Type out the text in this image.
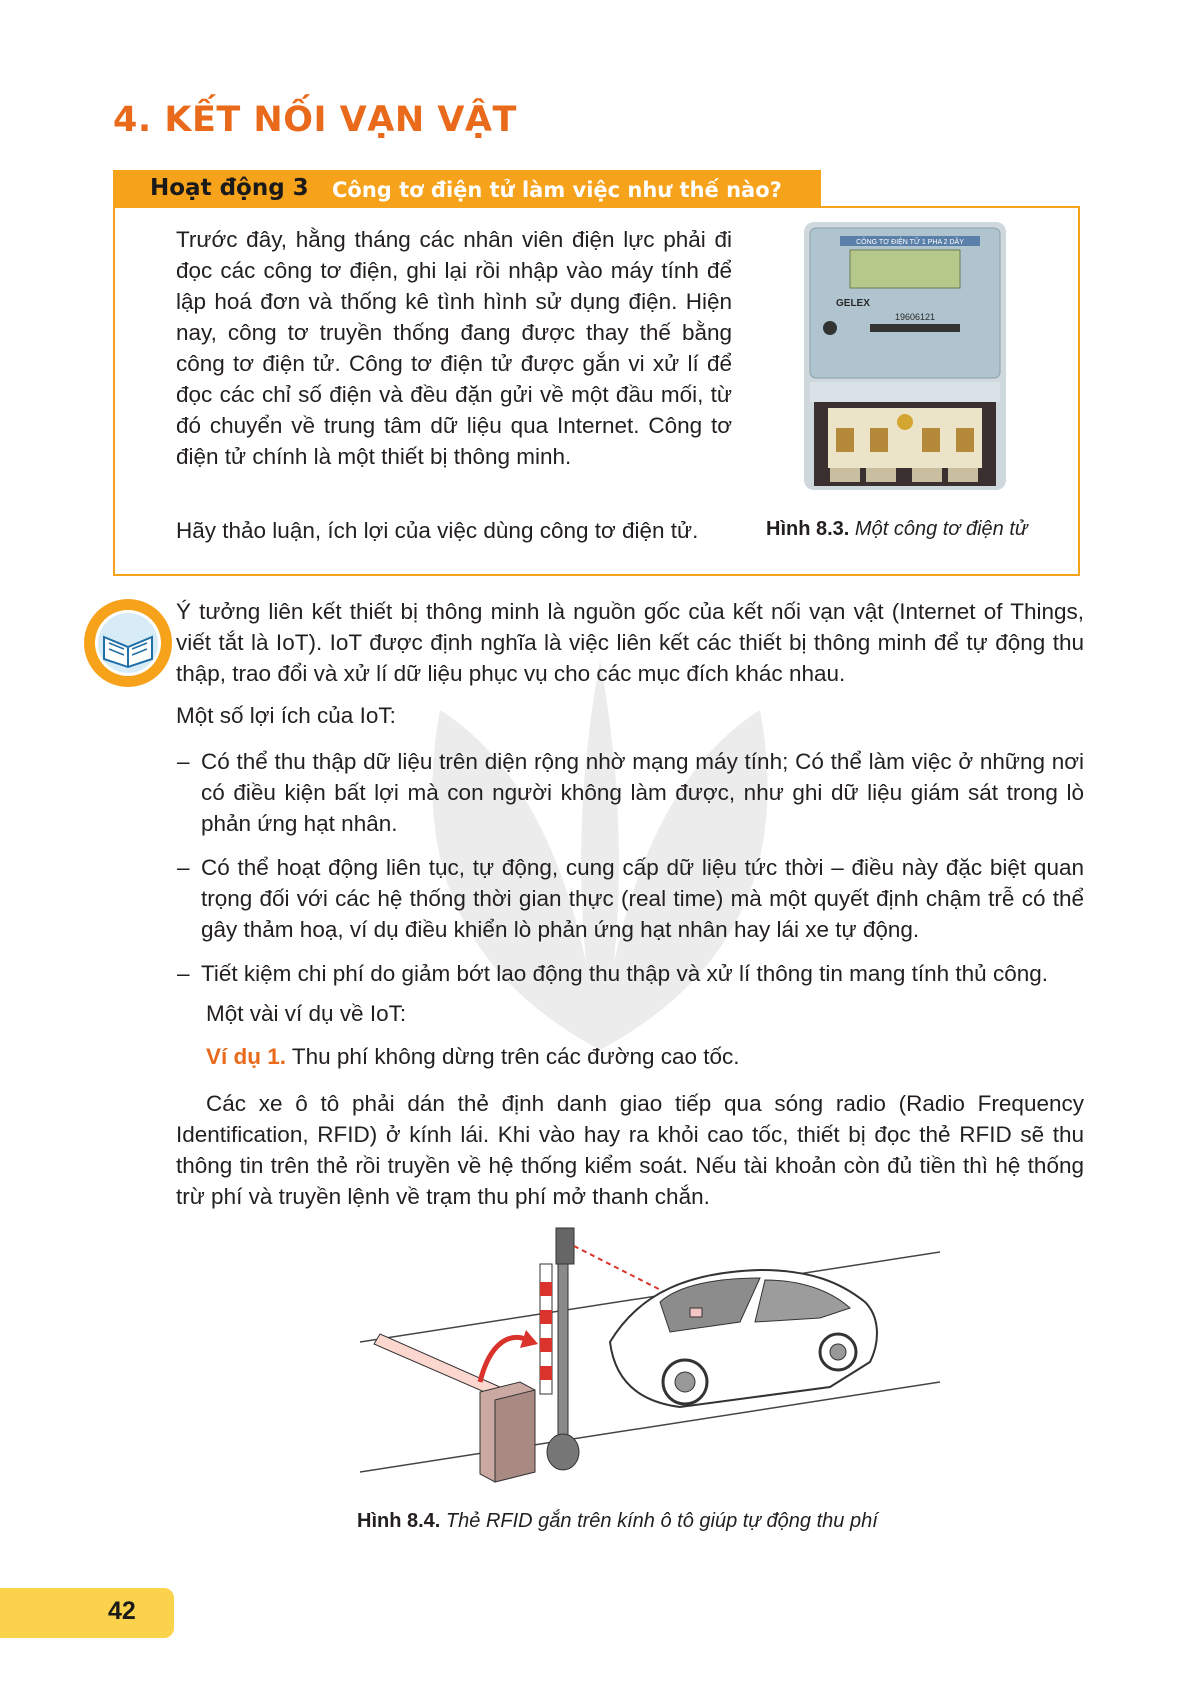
4. KẾT NỐI VẠN VẬT
Hoạt động 3 Công tơ điện tử làm việc như thế nào?
Trước đây, hằng tháng các nhân viên điện lực phải đi đọc các công tơ điện, ghi lại rồi nhập vào máy tính để lập hoá đơn và thống kê tình hình sử dụng điện. Hiện nay, công tơ truyền thống đang được thay thế bằng công tơ điện tử. Công tơ điện tử được gắn vi xử lí để đọc các chỉ số điện và đều đặn gửi về một đầu mối, từ đó chuyển về trung tâm dữ liệu qua Internet. Công tơ điện tử chính là một thiết bị thông minh.
Hãy thảo luận, ích lợi của việc dùng công tơ điện tử.
CÔNG TƠ ĐIỆN TỬ 1 PHA 2 DÂY
GELEX
19606121
Hình 8.3. Một công tơ điện tử
Ý tưởng liên kết thiết bị thông minh là nguồn gốc của kết nối vạn vật (Internet of Things, viết tắt là IoT). IoT được định nghĩa là việc liên kết các thiết bị thông minh để tự động thu thập, trao đổi và xử lí dữ liệu phục vụ cho các mục đích khác nhau.
Một số lợi ích của IoT:
– Có thể thu thập dữ liệu trên diện rộng nhờ mạng máy tính; Có thể làm việc ở những nơi có điều kiện bất lợi mà con người không làm được, như ghi dữ liệu giám sát trong lò phản ứng hạt nhân.
– Có thể hoạt động liên tục, tự động, cung cấp dữ liệu tức thời – điều này đặc biệt quan trọng đối với các hệ thống thời gian thực (real time) mà một quyết định chậm trễ có thể gây thảm hoạ, ví dụ điều khiển lò phản ứng hạt nhân hay lái xe tự động.
– Tiết kiệm chi phí do giảm bớt lao động thu thập và xử lí thông tin mang tính thủ công.
Một vài ví dụ về IoT:
Ví dụ 1. Thu phí không dừng trên các đường cao tốc.
Các xe ô tô phải dán thẻ định danh giao tiếp qua sóng radio (Radio Frequency Identification, RFID) ở kính lái. Khi vào hay ra khỏi cao tốc, thiết bị đọc thẻ RFID sẽ thu thông tin trên thẻ rồi truyền về hệ thống kiểm soát. Nếu tài khoản còn đủ tiền thì hệ thống trừ phí và truyền lệnh về trạm thu phí mở thanh chắn.
Hình 8.4. Thẻ RFID gắn trên kính ô tô giúp tự động thu phí
42
